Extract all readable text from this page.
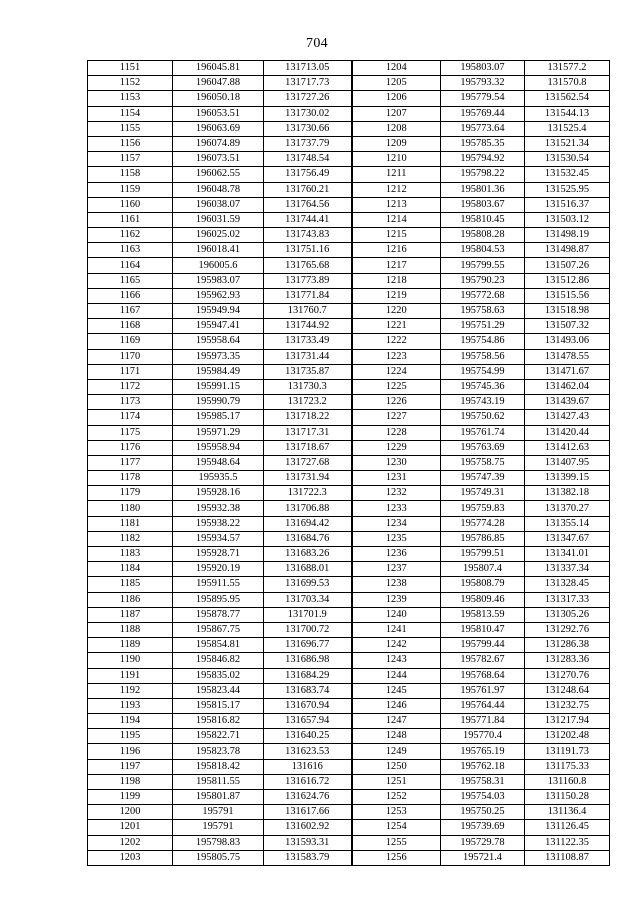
704
1151	196045.81	131713.05	1204	195803.07	131577.2
1152	196047.88	131717.73	1205	195793.32	131570.8
1153	196050.18	131727.26	1206	195779.54	131562.54
1154	196053.51	131730.02	1207	195769.44	131544.13
1155	196063.69	131730.66	1208	195773.64	131525.4
1156	196074.89	131737.79	1209	195785.35	131521.34
1157	196073.51	131748.54	1210	195794.92	131530.54
1158	196062.55	131756.49	1211	195798.22	131532.45
1159	196048.78	131760.21	1212	195801.36	131525.95
1160	196038.07	131764.56	1213	195803.67	131516.37
1161	196031.59	131744.41	1214	195810.45	131503.12
1162	196025.02	131743.83	1215	195808.28	131498.19
1163	196018.41	131751.16	1216	195804.53	131498.87
1164	196005.6	131765.68	1217	195799.55	131507.26
1165	195983.07	131773.89	1218	195790.23	131512.86
1166	195962.93	131771.84	1219	195772.68	131515.56
1167	195949.94	131760.7	1220	195758.63	131518.98
1168	195947.41	131744.92	1221	195751.29	131507.32
1169	195958.64	131733.49	1222	195754.86	131493.06
1170	195973.35	131731.44	1223	195758.56	131478.55
1171	195984.49	131735.87	1224	195754.99	131471.67
1172	195991.15	131730.3	1225	195745.36	131462.04
1173	195990.79	131723.2	1226	195743.19	131439.67
1174	195985.17	131718.22	1227	195750.62	131427.43
1175	195971.29	131717.31	1228	195761.74	131420.44
1176	195958.94	131718.67	1229	195763.69	131412.63
1177	195948.64	131727.68	1230	195758.75	131407.95
1178	195935.5	131731.94	1231	195747.39	131399.15
1179	195928.16	131722.3	1232	195749.31	131382.18
1180	195932.38	131706.88	1233	195759.83	131370.27
1181	195938.22	131694.42	1234	195774.28	131355.14
1182	195934.57	131684.76	1235	195786.85	131347.67
1183	195928.71	131683.26	1236	195799.51	131341.01
1184	195920.19	131688.01	1237	195807.4	131337.34
1185	195911.55	131699.53	1238	195808.79	131328.45
1186	195895.95	131703.34	1239	195809.46	131317.33
1187	195878.77	131701.9	1240	195813.59	131305.26
1188	195867.75	131700.72	1241	195810.47	131292.76
1189	195854.81	131696.77	1242	195799.44	131286.38
1190	195846.82	131686.98	1243	195782.67	131283.36
1191	195835.02	131684.29	1244	195768.64	131270.76
1192	195823.44	131683.74	1245	195761.97	131248.64
1193	195815.17	131670.94	1246	195764.44	131232.75
1194	195816.82	131657.94	1247	195771.84	131217.94
1195	195822.71	131640.25	1248	195770.4	131202.48
1196	195823.78	131623.53	1249	195765.19	131191.73
1197	195818.42	131616	1250	195762.18	131175.33
1198	195811.55	131616.72	1251	195758.31	131160.8
1199	195801.87	131624.76	1252	195754.03	131150.28
1200	195791	131617.66	1253	195750.25	131136.4
1201	195791	131602.92	1254	195739.69	131126.45
1202	195798.83	131593.31	1255	195729.78	131122.35
1203	195805.75	131583.79	1256	195721.4	131108.87
